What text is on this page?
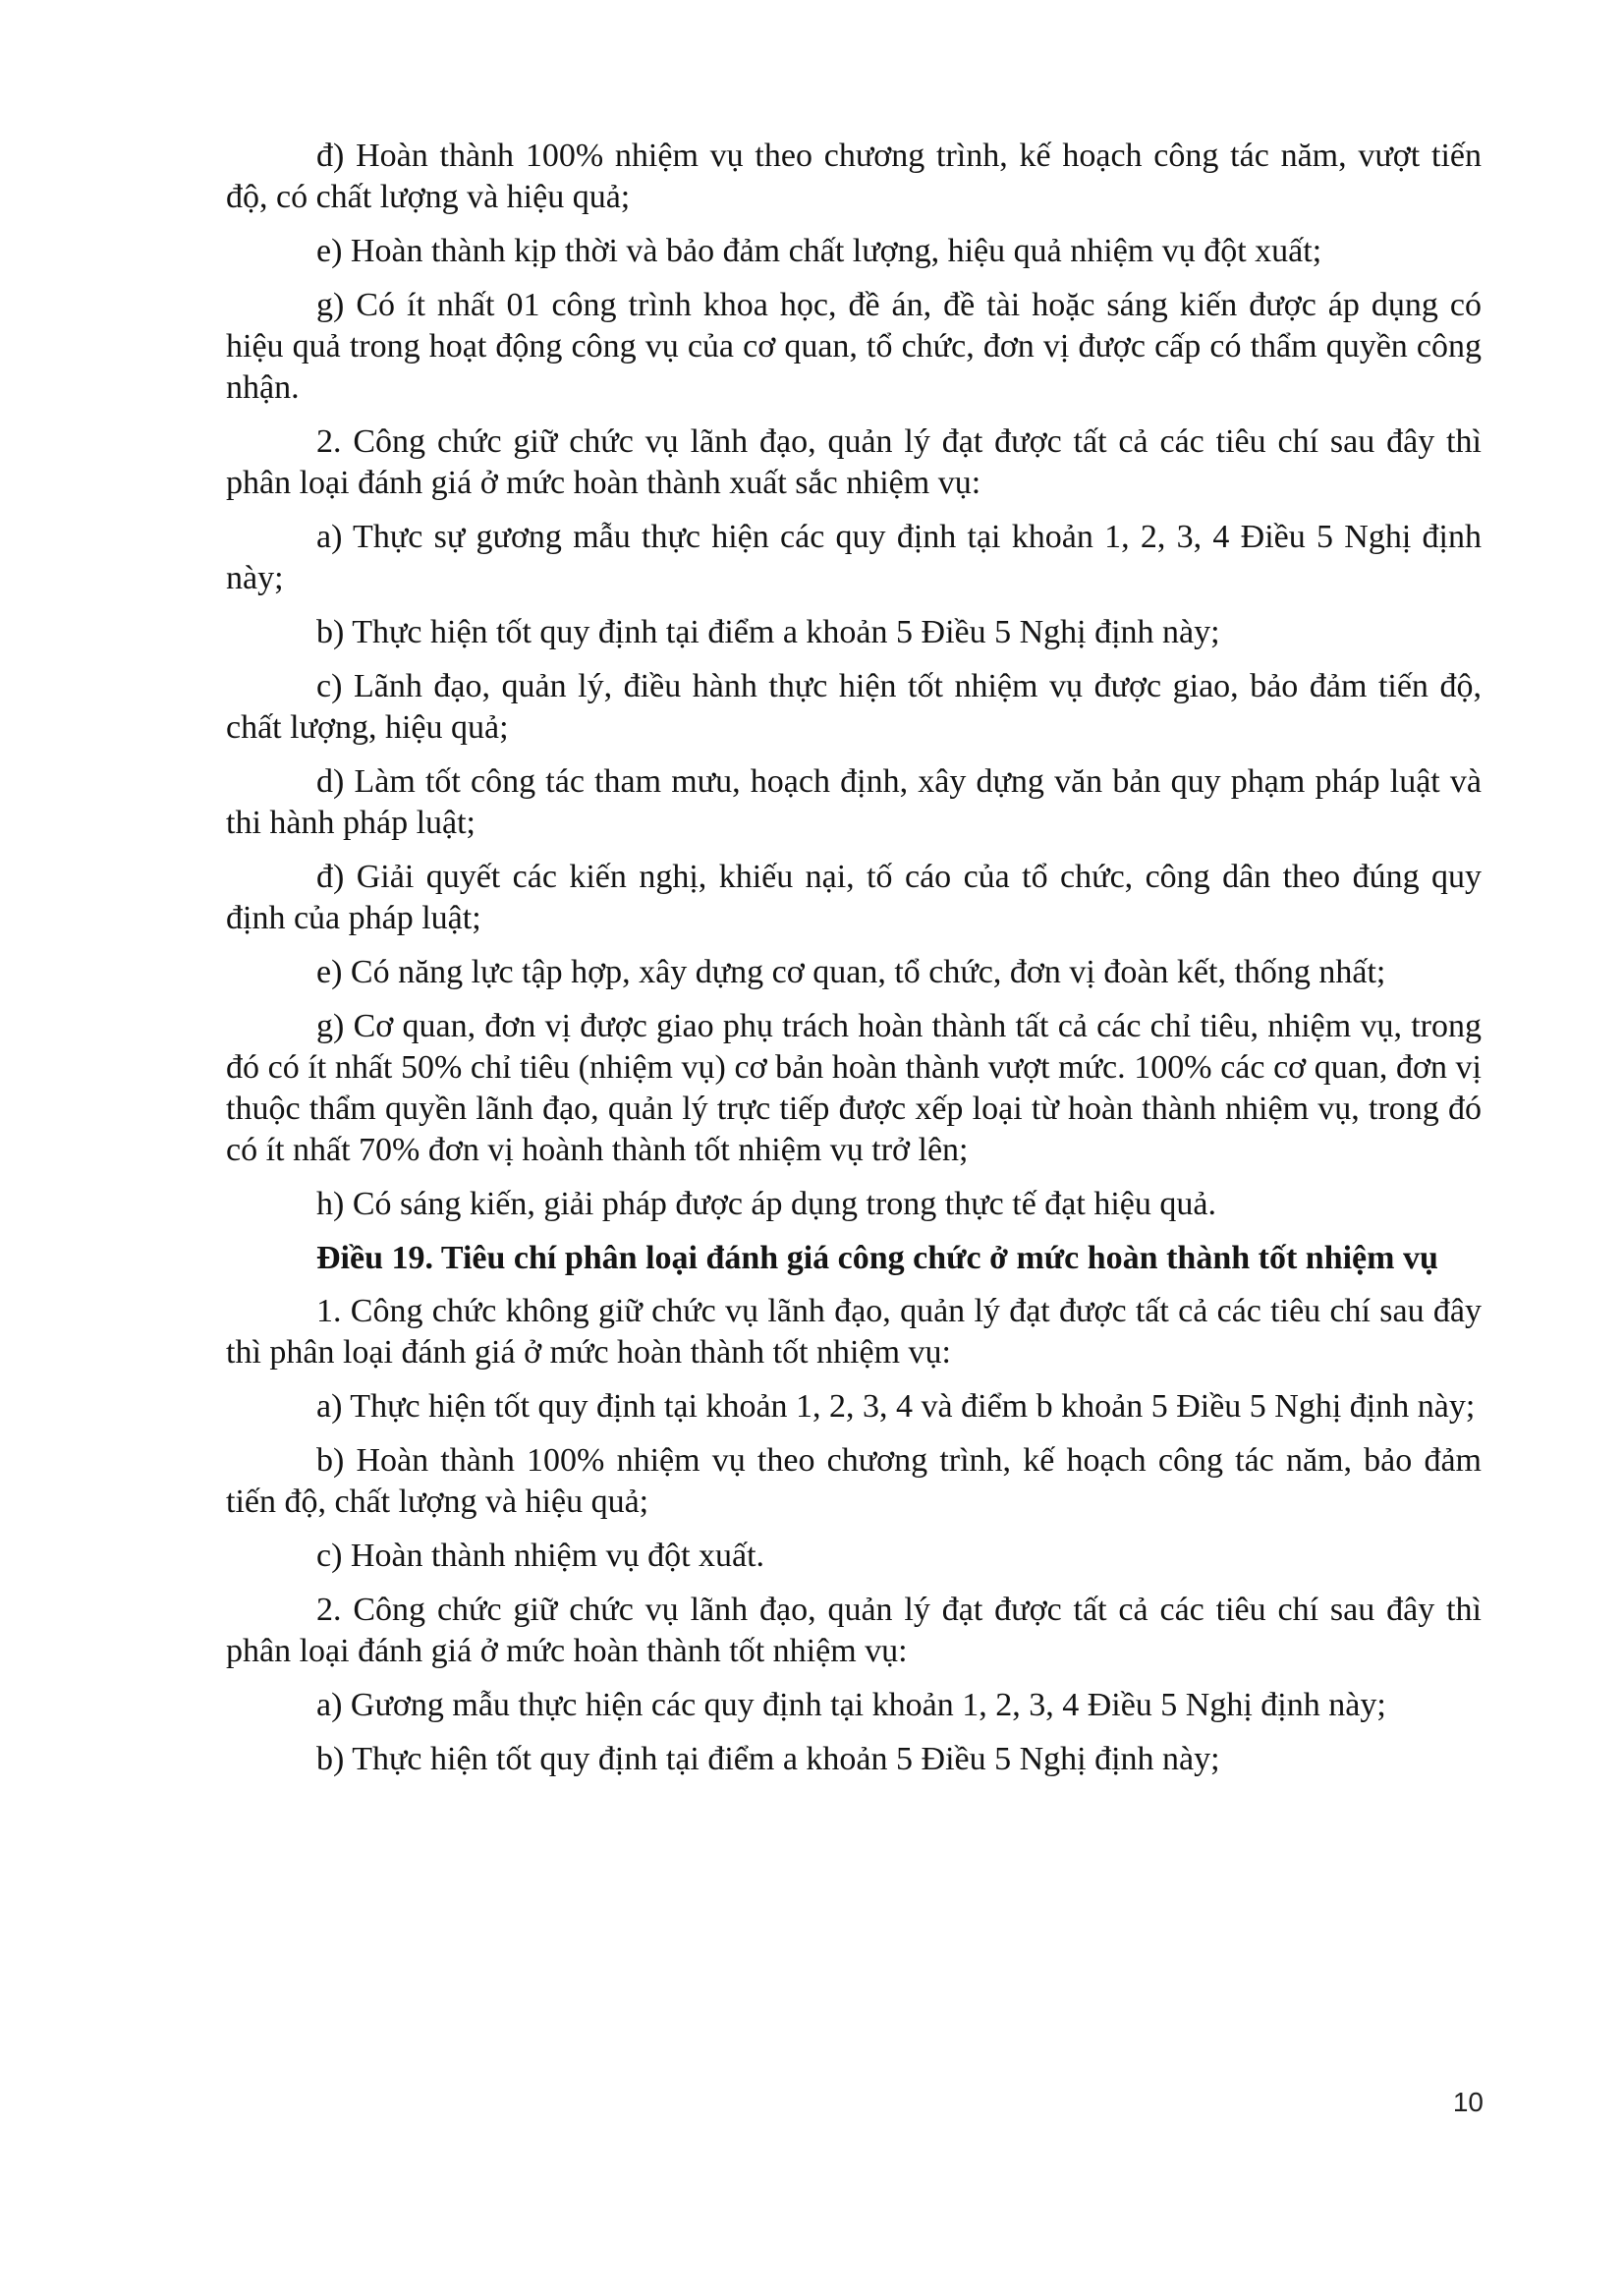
đ) Hoàn thành 100% nhiệm vụ theo chương trình, kế hoạch công tác năm, vượt tiến độ, có chất lượng và hiệu quả;

e) Hoàn thành kịp thời và bảo đảm chất lượng, hiệu quả nhiệm vụ đột xuất;

g) Có ít nhất 01 công trình khoa học, đề án, đề tài hoặc sáng kiến được áp dụng có hiệu quả trong hoạt động công vụ của cơ quan, tổ chức, đơn vị được cấp có thẩm quyền công nhận.

2. Công chức giữ chức vụ lãnh đạo, quản lý đạt được tất cả các tiêu chí sau đây thì phân loại đánh giá ở mức hoàn thành xuất sắc nhiệm vụ:

a) Thực sự gương mẫu thực hiện các quy định tại khoản 1, 2, 3, 4 Điều 5 Nghị định này;

b) Thực hiện tốt quy định tại điểm a khoản 5 Điều 5 Nghị định này;

c) Lãnh đạo, quản lý, điều hành thực hiện tốt nhiệm vụ được giao, bảo đảm tiến độ, chất lượng, hiệu quả;

d) Làm tốt công tác tham mưu, hoạch định, xây dựng văn bản quy phạm pháp luật và thi hành pháp luật;

đ) Giải quyết các kiến nghị, khiếu nại, tố cáo của tổ chức, công dân theo đúng quy định của pháp luật;

e) Có năng lực tập hợp, xây dựng cơ quan, tổ chức, đơn vị đoàn kết, thống nhất;

g) Cơ quan, đơn vị được giao phụ trách hoàn thành tất cả các chỉ tiêu, nhiệm vụ, trong đó có ít nhất 50% chỉ tiêu (nhiệm vụ) cơ bản hoàn thành vượt mức. 100% các cơ quan, đơn vị thuộc thẩm quyền lãnh đạo, quản lý trực tiếp được xếp loại từ hoàn thành nhiệm vụ, trong đó có ít nhất 70% đơn vị hoành thành tốt nhiệm vụ trở lên;

h) Có sáng kiến, giải pháp được áp dụng trong thực tế đạt hiệu quả.

Điều 19. Tiêu chí phân loại đánh giá công chức ở mức hoàn thành tốt nhiệm vụ

1. Công chức không giữ chức vụ lãnh đạo, quản lý đạt được tất cả các tiêu chí sau đây thì phân loại đánh giá ở mức hoàn thành tốt nhiệm vụ:

a) Thực hiện tốt quy định tại khoản 1, 2, 3, 4 và điểm b khoản 5 Điều 5 Nghị định này;

b) Hoàn thành 100% nhiệm vụ theo chương trình, kế hoạch công tác năm, bảo đảm tiến độ, chất lượng và hiệu quả;

c) Hoàn thành nhiệm vụ đột xuất.

2. Công chức giữ chức vụ lãnh đạo, quản lý đạt được tất cả các tiêu chí sau đây thì phân loại đánh giá ở mức hoàn thành tốt nhiệm vụ:

a) Gương mẫu thực hiện các quy định tại khoản 1, 2, 3, 4 Điều 5 Nghị định này;

b) Thực hiện tốt quy định tại điểm a khoản 5 Điều 5 Nghị định này;

10
